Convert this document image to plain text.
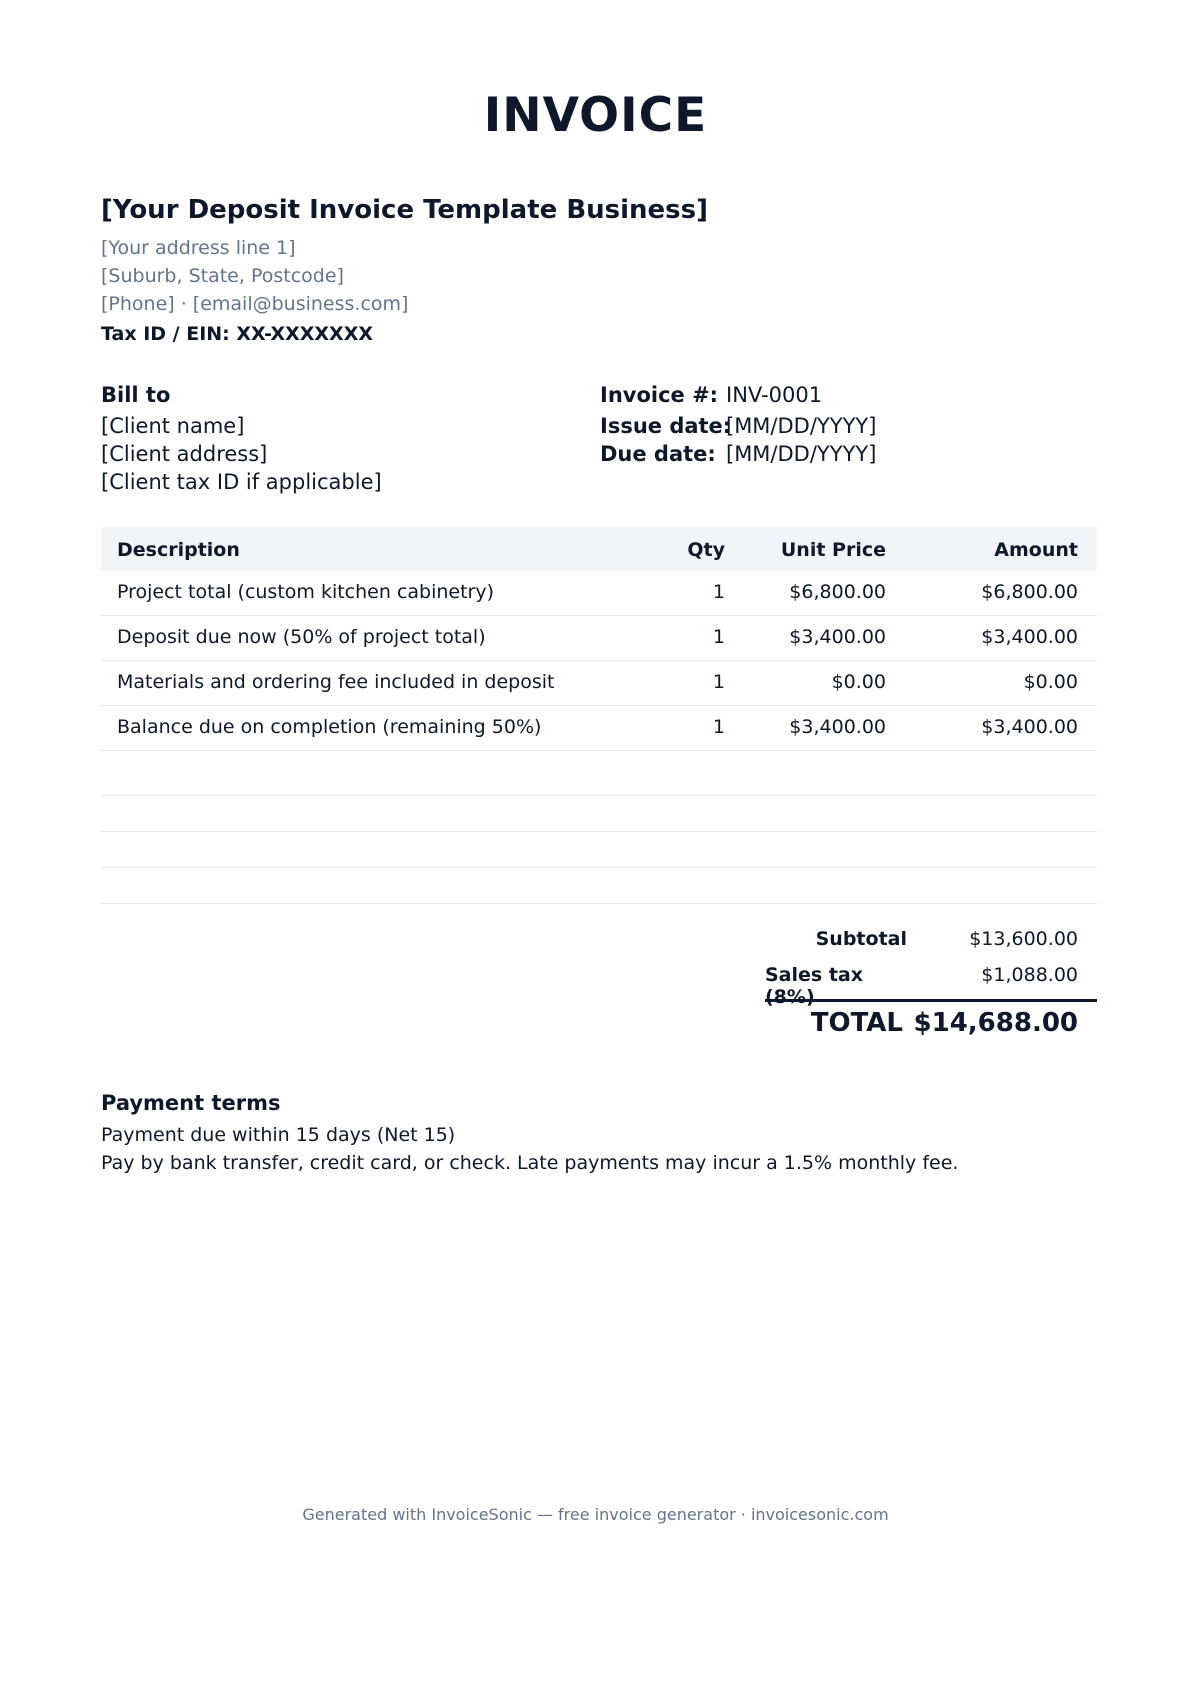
INVOICE
[Your Deposit Invoice Template Business]
[Your address line 1]
[Suburb, State, Postcode]
[Phone] · [email@business.com]
Tax ID / EIN: XX-XXXXXXX
Bill to
[Client name]
[Client address]
[Client tax ID if applicable]
Invoice #: INV-0001
Issue date:
[MM/DD/YYYY]
Due date: [MM/DD/YYYY]
Description	Qty	Unit Price	Amount
Project total (custom kitchen cabinetry)	1	$6,800.00	$6,800.00
Deposit due now (50% of project total)	1	$3,400.00	$3,400.00
Materials and ordering fee included in deposit	1	$0.00	$0.00
Balance due on completion (remaining 50%)	1	$3,400.00	$3,400.00
Subtotal	$13,600.00
Sales tax (8%)
$1,088.00
TOTAL $14,688.00
Payment terms
Payment due within 15 days (Net 15)
Pay by bank transfer, credit card, or check. Late payments may incur a 1.5% monthly fee.
Generated with InvoiceSonic — free invoice generator · invoicesonic.com
